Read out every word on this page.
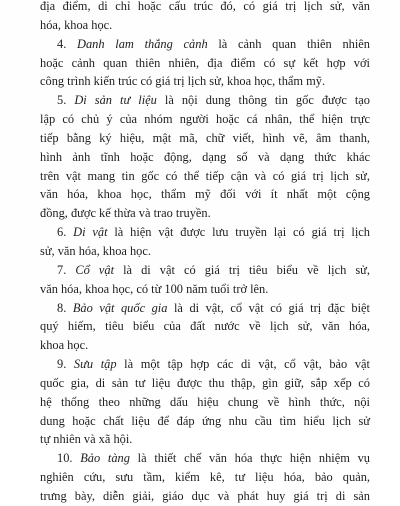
địa điểm, di chỉ hoặc cấu trúc đó, có giá trị lịch sử, văn
hóa, khoa học.
4. Danh lam thắng cảnh là cảnh quan thiên nhiên
hoặc cảnh quan thiên nhiên, địa điểm có sự kết hợp với
công trình kiến trúc có giá trị lịch sử, khoa học, thẩm mỹ.
5. Di sản tư liệu là nội dung thông tin gốc được tạo
lập có chủ ý của nhóm người hoặc cá nhân, thể hiện trực
tiếp bằng ký hiệu, mật mã, chữ viết, hình vẽ, âm thanh,
hình ảnh tĩnh hoặc động, dạng số và dạng thức khác
trên vật mang tin gốc có thể tiếp cận và có giá trị lịch sử,
văn hóa, khoa học, thẩm mỹ đối với ít nhất một cộng
đồng, được kế thừa và trao truyền.
6. Di vật là hiện vật được lưu truyền lại có giá trị lịch
sử, văn hóa, khoa học.
7. Cổ vật là di vật có giá trị tiêu biểu về lịch sử,
văn hóa, khoa học, có từ 100 năm tuổi trở lên.
8. Bảo vật quốc gia là di vật, cổ vật có giá trị đặc biệt
quý hiếm, tiêu biểu của đất nước về lịch sử, văn hóa,
khoa học.
9. Sưu tập là một tập hợp các di vật, cổ vật, bảo vật
quốc gia, di sản tư liệu được thu thập, gìn giữ, sắp xếp có
hệ thống theo những dấu hiệu chung về hình thức, nội
dung hoặc chất liệu để đáp ứng nhu cầu tìm hiểu lịch sử
tự nhiên và xã hội.
10. Bảo tàng là thiết chế văn hóa thực hiện nhiệm vụ
nghiên cứu, sưu tầm, kiểm kê, tư liệu hóa, bảo quản,
trưng bày, diễn giải, giáo dục và phát huy giá trị di sản
